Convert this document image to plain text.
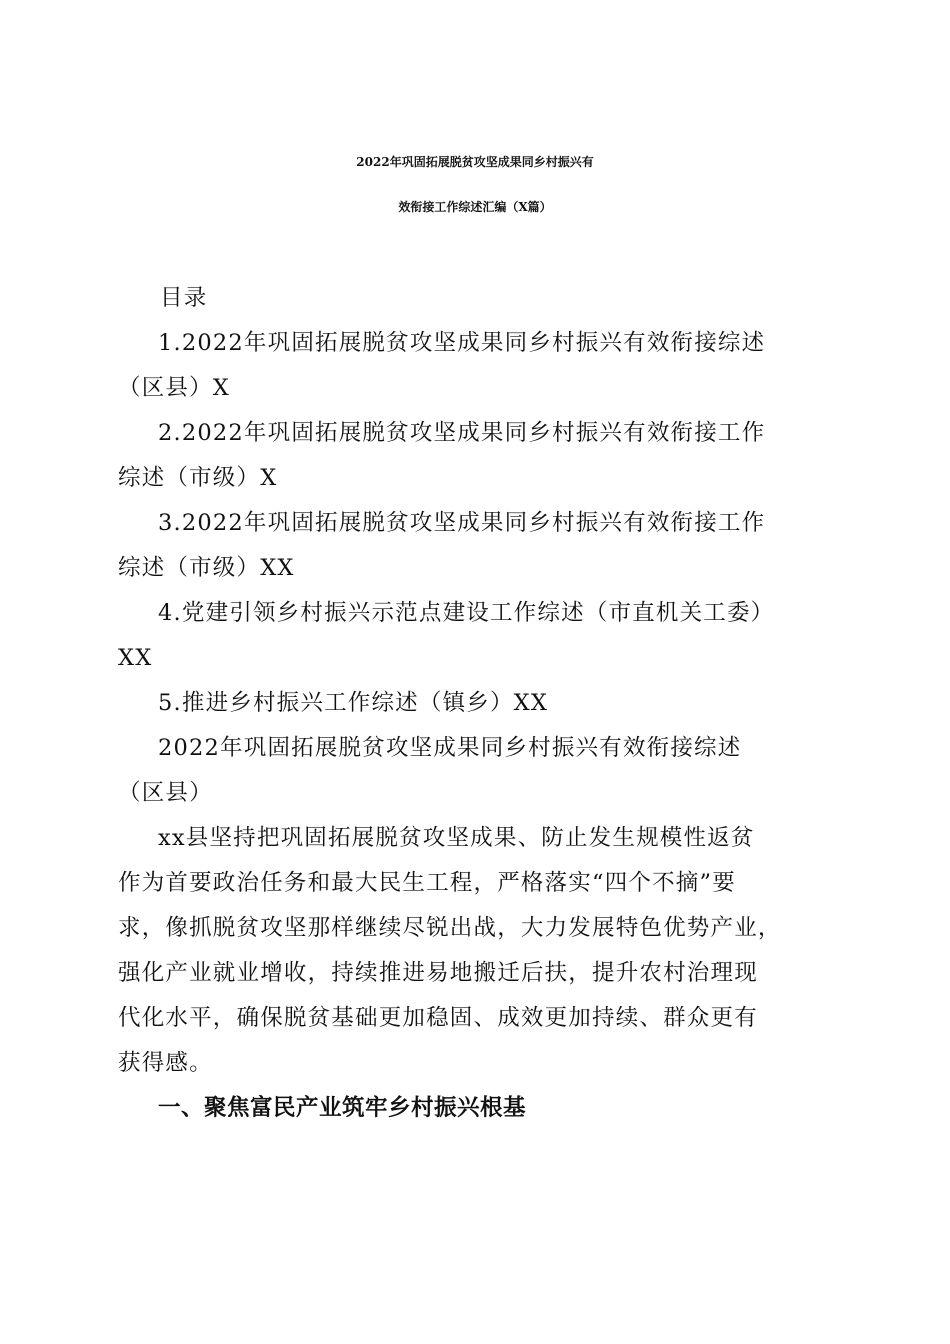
2022年巩固拓展脱贫攻坚成果同乡村振兴有
效衔接工作综述汇编（X篇）
目录
1.2022年巩固拓展脱贫攻坚成果同乡村振兴有效衔接综述
（区县）X
2.2022年巩固拓展脱贫攻坚成果同乡村振兴有效衔接工作
综述（市级）X
3.2022年巩固拓展脱贫攻坚成果同乡村振兴有效衔接工作
综述（市级）XX
4.党建引领乡村振兴示范点建设工作综述（市直机关工委）
XX
5.推进乡村振兴工作综述（镇乡）XX
2022年巩固拓展脱贫攻坚成果同乡村振兴有效衔接综述
（区县）
xx县坚持把巩固拓展脱贫攻坚成果、防止发生规模性返贫
作为首要政治任务和最大民生工程，严格落实“四个不摘”要
求，像抓脱贫攻坚那样继续尽锐出战，大力发展特色优势产业，
强化产业就业增收，持续推进易地搬迁后扶，提升农村治理现
代化水平，确保脱贫基础更加稳固、成效更加持续、群众更有
获得感。
一、聚焦富民产业筑牢乡村振兴根基
